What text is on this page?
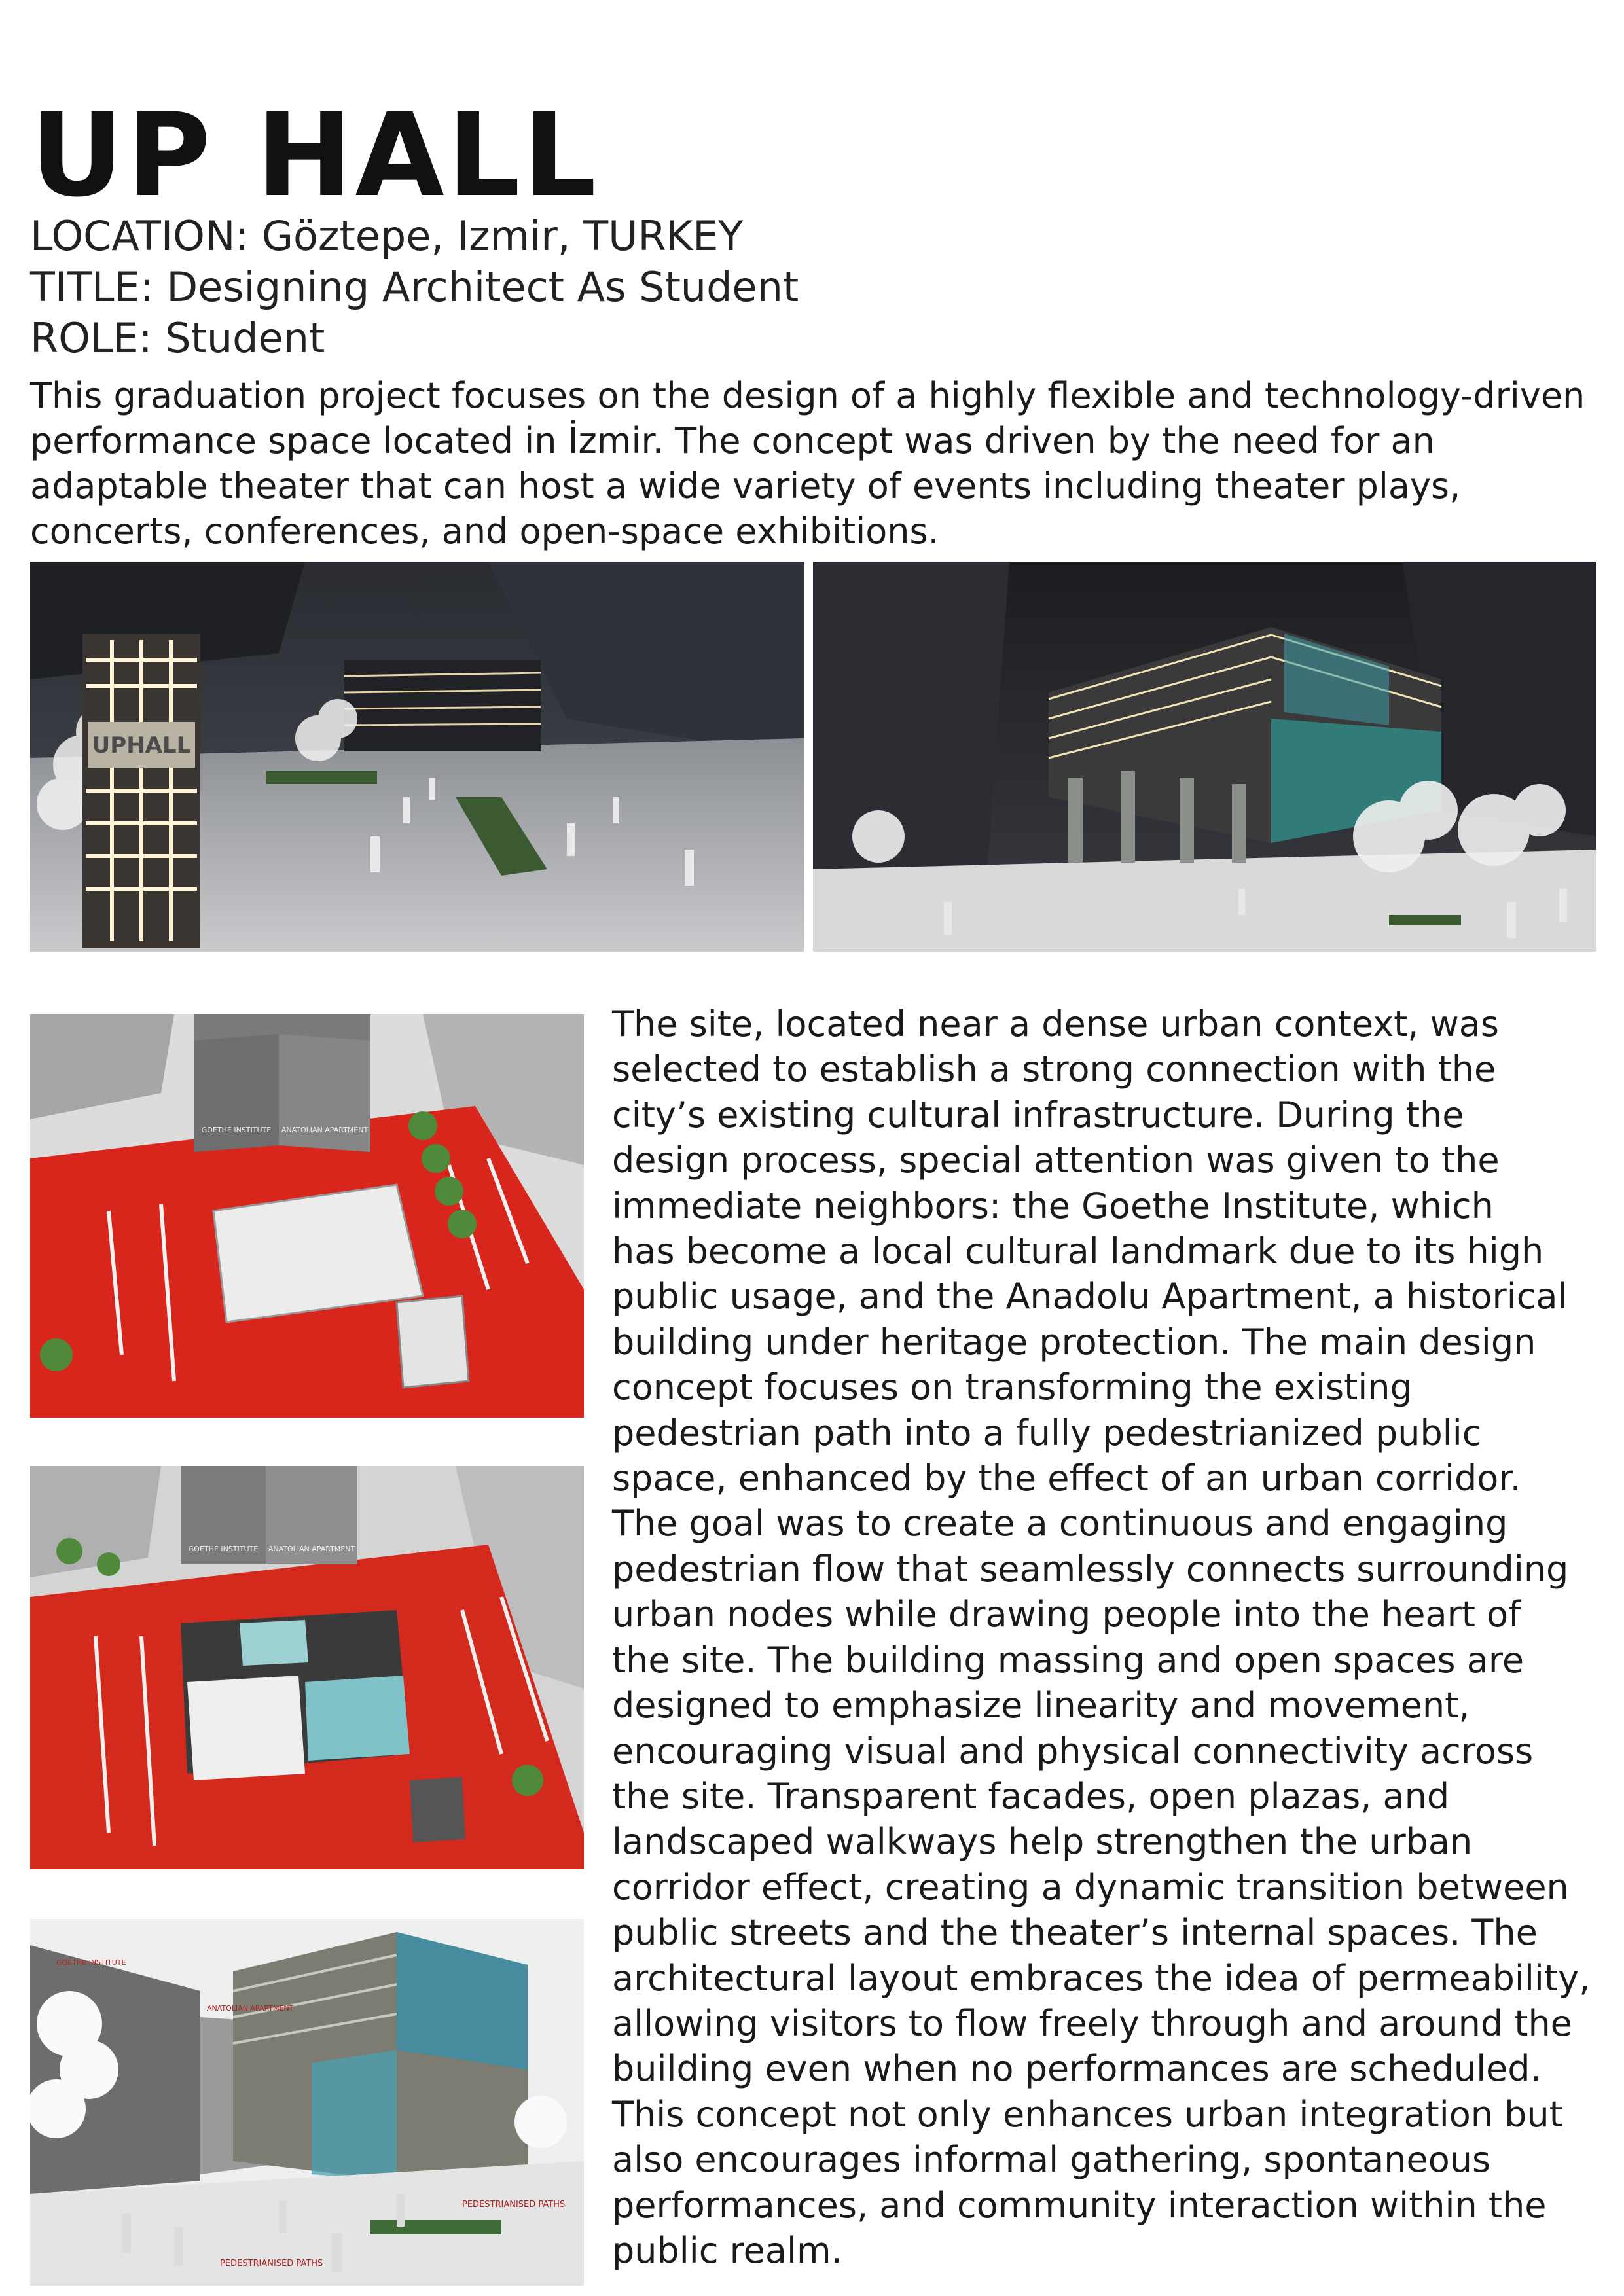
UP HALL
LOCATION: Göztepe, Izmir, TURKEY
TITLE: Designing Architect As Student
ROLE: Student

This graduation project focuses on the design of a highly flexible and technology-driven

performance space located in İzmir. The concept was driven by the need for an

adaptable theater that can host a wide variety of events including theater plays,

concerts, conferences, and open-space exhibitions.

UPHALL
GOETHE INSTITUTE ANATOLIAN APARTMENT
GOETHE INSTITUTE ANATOLIAN APARTMENT
GOETHE INSTITUTE
ANATOLIAN APARTMENT
PEDESTRIANISED PATHS
PEDESTRIANISED PATHS

The site, located near a dense urban context, was

selected to establish a strong connection with the

city’s existing cultural infrastructure. During the

design process, special attention was given to the

immediate neighbors: the Goethe Institute, which

has become a local cultural landmark due to its high

public usage, and the Anadolu Apartment, a historical

building under heritage protection. The main design

concept focuses on transforming the existing

pedestrian path into a fully pedestrianized public

space, enhanced by the effect of an urban corridor.

The goal was to create a continuous and engaging

pedestrian flow that seamlessly connects surrounding

urban nodes while drawing people into the heart of

the site. The building massing and open spaces are

designed to emphasize linearity and movement,

encouraging visual and physical connectivity across

the site. Transparent facades, open plazas, and

landscaped walkways help strengthen the urban

corridor effect, creating a dynamic transition between

public streets and the theater’s internal spaces. The

architectural layout embraces the idea of permeability,

allowing visitors to flow freely through and around the

building even when no performances are scheduled.

This concept not only enhances urban integration but

also encourages informal gathering, spontaneous

performances, and community interaction within the

public realm.
